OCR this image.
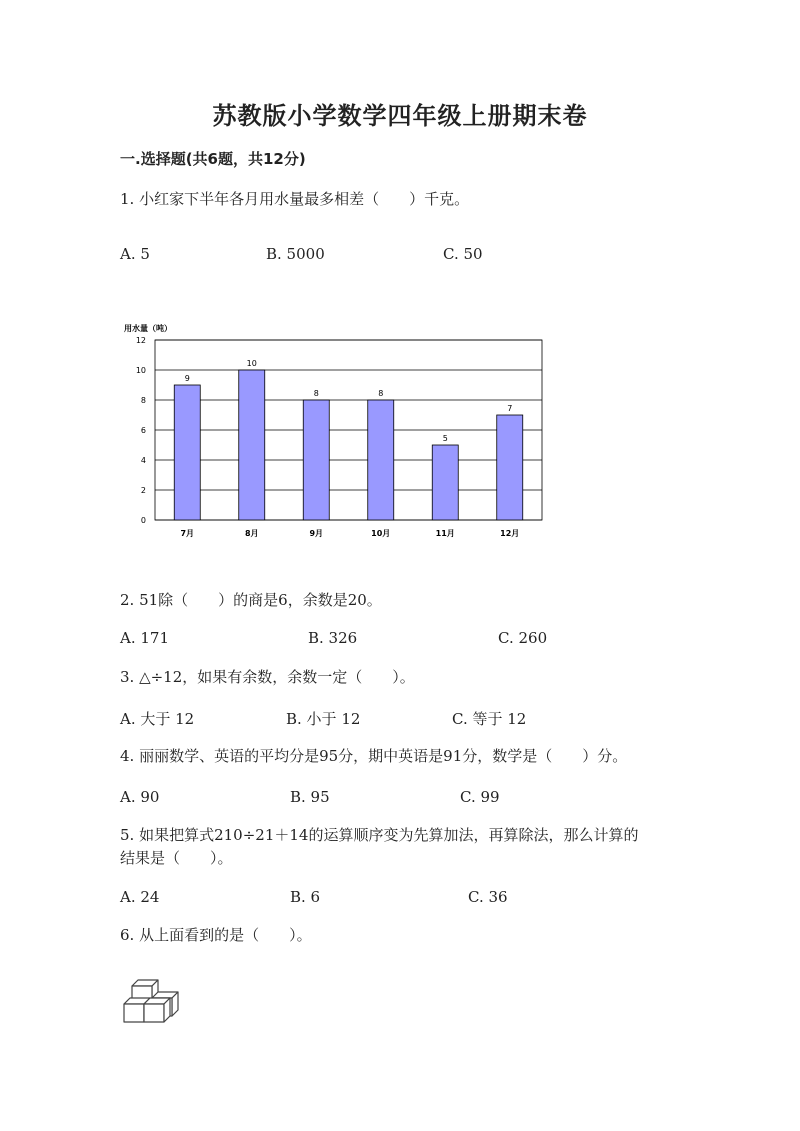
苏教版小学数学四年级上册期末卷
一.选择题(共6题，共12分)
1. 小红家下半年各月用水量最多相差（　　）千克。
A. 5	B. 5000	C. 50
用水量（吨）
0
2
4
6
8
10
12
9
7月
10
8月
8
9月
8
10月
5
11月
7
12月
2. 51除（　　）的商是6，余数是20。
A. 171	B. 326	C. 260
3. △÷12，如果有余数，余数一定（　　）。
A. 大于 12	B. 小于 12	C. 等于 12
4. 丽丽数学、英语的平均分是95分，期中英语是91分，数学是（　　）分。
A. 90	B. 95	C. 99
5. 如果把算式210÷21＋14的运算顺序变为先算加法，再算除法，那么计算的
结果是（　　）。
A. 24	B. 6	C. 36
6. 从上面看到的是（　　）。
